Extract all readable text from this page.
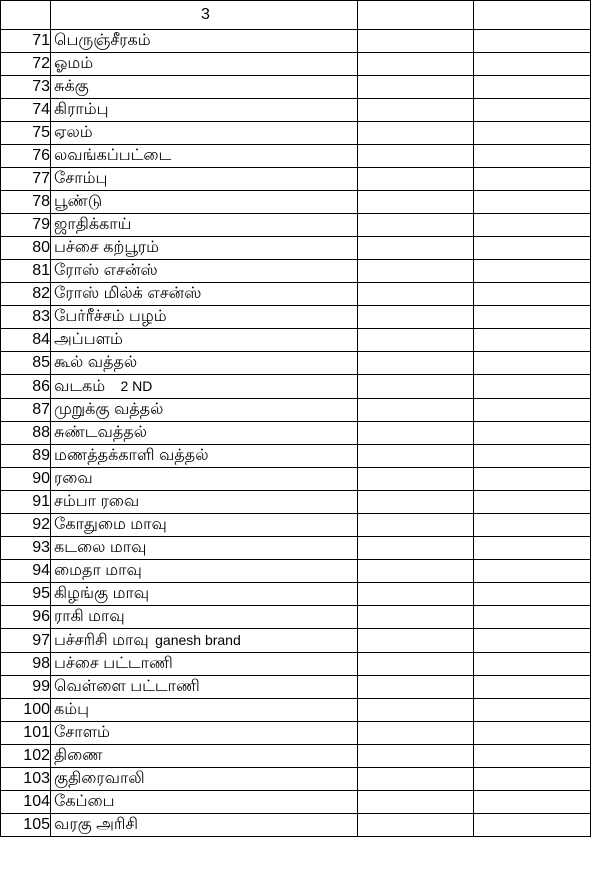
	3		
71	பெருஞ்சீரகம்		
72	ஓமம்		
73	சுக்கு		
74	கிராம்பு		
75	ஏலம்		
76	லவங்கப்பட்டை		
77	சோம்பு		
78	பூண்டு		
79	ஜாதிக்காய்		
80	பச்சை கற்பூரம்		
81	ரோஸ் எசன்ஸ்		
82	ரோஸ் மில்க் எசன்ஸ்		
83	பேர்ரீச்சம் பழம்		
84	அப்பளம்		
85	கூல் வத்தல்		
86	வடகம் 2 ND		
87	முறுக்கு வத்தல்		
88	சுண்டவத்தல்		
89	மணத்தக்காளி வத்தல்		
90	ரவை		
91	சம்பா ரவை		
92	கோதுமை மாவு		
93	கடலை மாவு		
94	மைதா மாவு		
95	கிழங்கு மாவு		
96	ராகி மாவு		
97	பச்சரிசி மாவு ganesh brand		
98	பச்சை பட்டாணி		
99	வெள்ளை பட்டாணி		
100	கம்பு		
101	சோளம்		
102	திணை		
103	குதிரைவாலி		
104	கேப்பை		
105	வரகு அரிசி		
